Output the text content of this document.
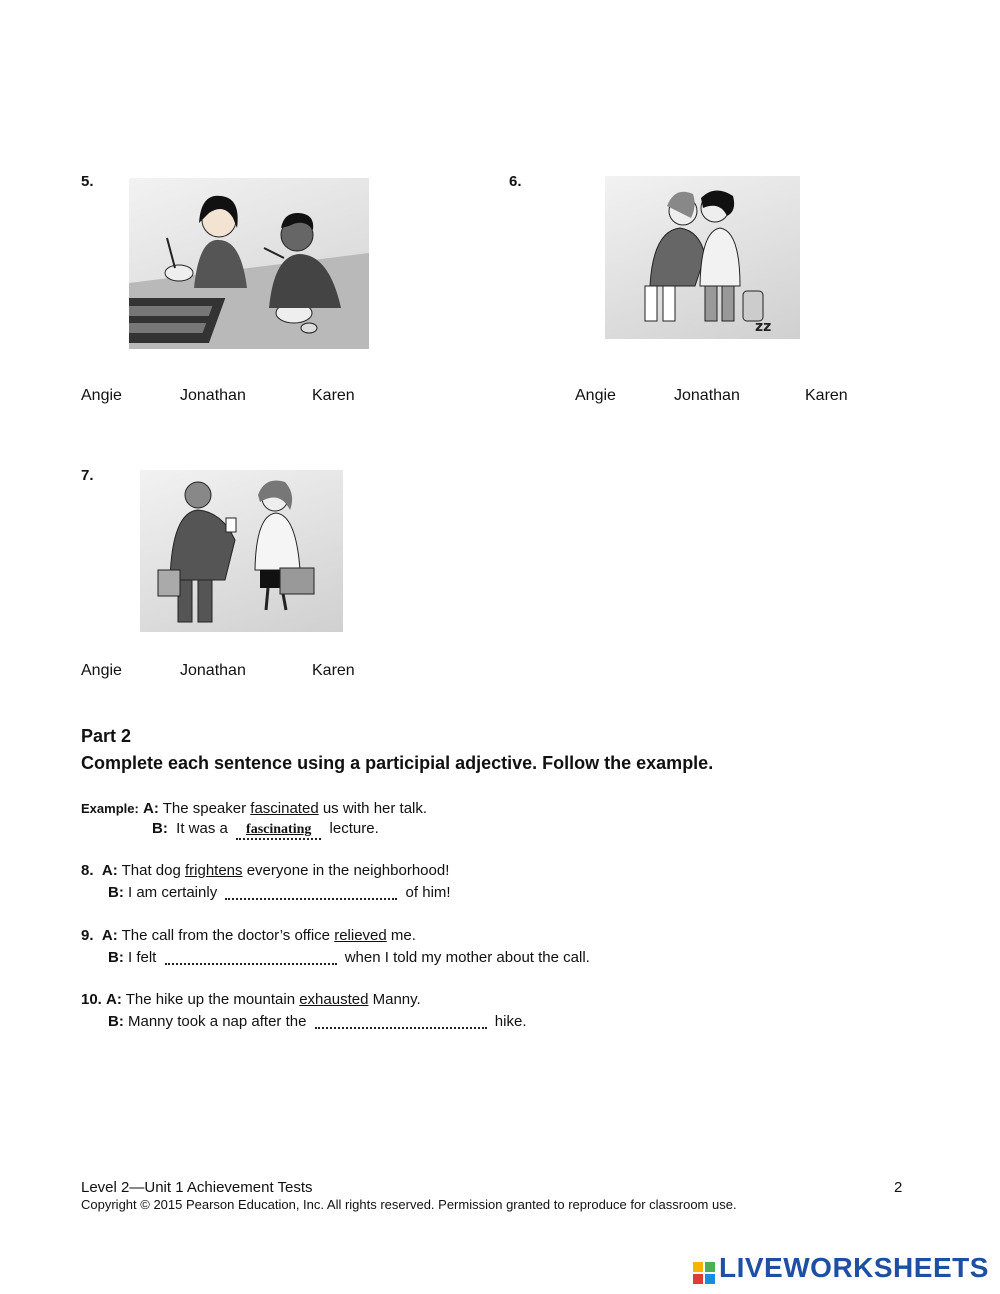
5.
Angie	Jonathan	Karen
6.
zz
Angie	Jonathan	Karen
7.
Angie	Jonathan	Karen
Part 2
Complete each sentence using a participial adjective. Follow the example.
Example: A: The speaker fascinated us with her talk.
B: It was a fascinating lecture.
8. A: That dog frightens everyone in the neighborhood!
B: I am certainly	of him!
9. A: The call from the doctor’s office relieved me.
B: I felt	when I told my mother about the call.
10. A: The hike up the mountain exhausted Manny.
B: Manny took a nap after the	hike.
Level 2—Unit 1 Achievement Tests	2
Copyright © 2015 Pearson Education, Inc. All rights reserved. Permission granted to reproduce for classroom use.
LIVEWORKSHEETS
